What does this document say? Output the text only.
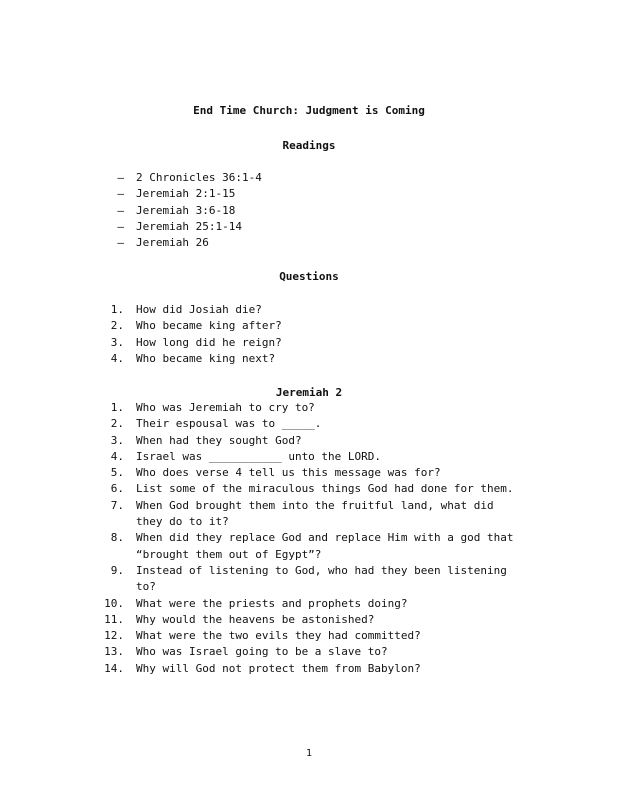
End Time Church: Judgment is Coming
Readings
– 2 Chronicles 36:1-4
– Jeremiah 2:1-15
– Jeremiah 3:6-18
– Jeremiah 25:1-14
– Jeremiah 26
Questions
1. How did Josiah die?
2. Who became king after?
3. How long did he reign?
4. Who became king next?
Jeremiah 2
1. Who was Jeremiah to cry to?
2. Their espousal was to _____.
3. When had they sought God?
4. Israel was ___________ unto the LORD.
5. Who does verse 4 tell us this message was for?
6. List some of the miraculous things God had done for them.
7. When God brought them into the fruitful land, what did they do to it?
8. When did they replace God and replace Him with a god that “brought them out of Egypt”?
9. Instead of listening to God, who had they been listening to?
10. What were the priests and prophets doing?
11. Why would the heavens be astonished?
12. What were the two evils they had committed?
13. Who was Israel going to be a slave to?
14. Why will God not protect them from Babylon?
1
